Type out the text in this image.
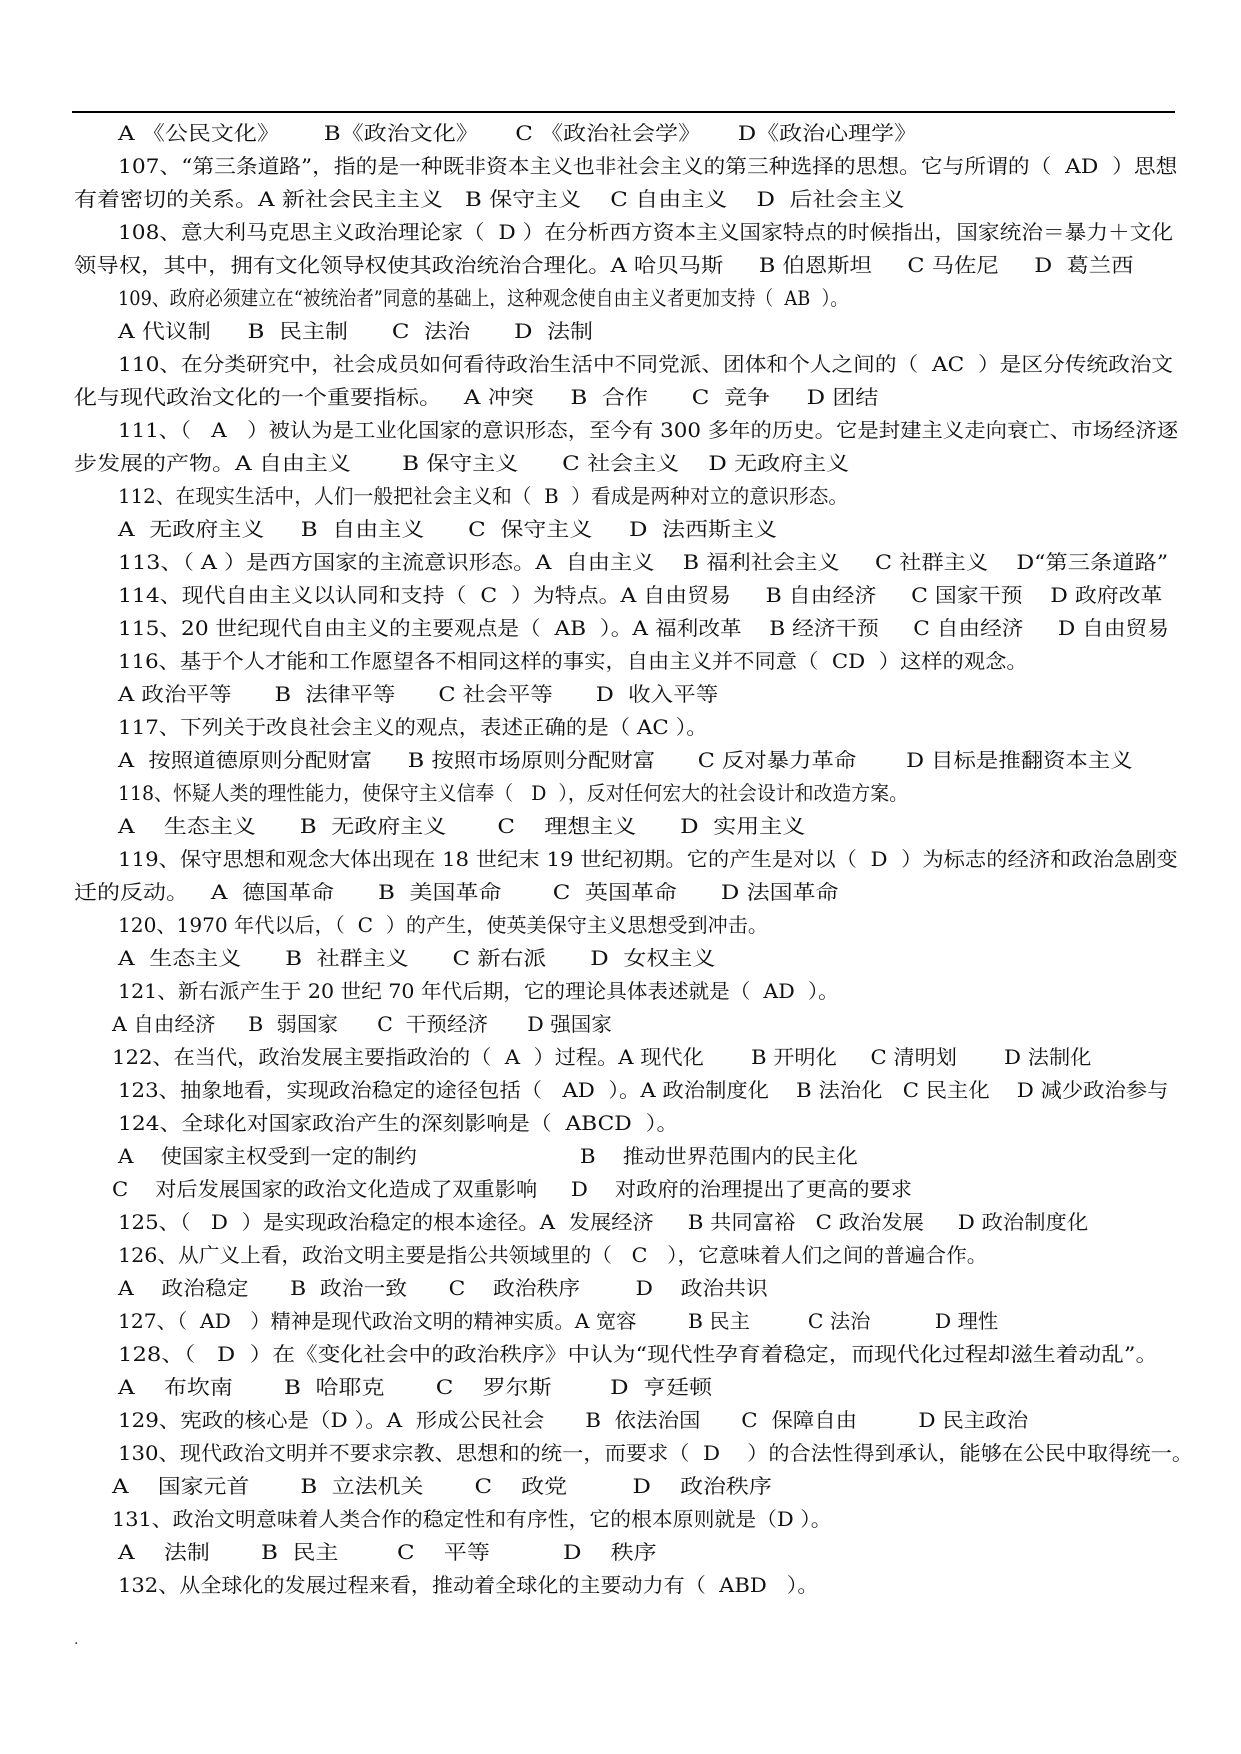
A 《公民文化》      B《政治文化》     C 《政治社会学》     D《政治心理学》
107、“第三条道路”，指的是一种既非资本主义也非社会主义的第三种选择的思想。它与所谓的（  AD  ）思想
有着密切的关系。A 新社会民主主义   B 保守主义    C 自由主义    D  后社会主义
108、意大利马克思主义政治理论家（  D ）在分析西方资本主义国家特点的时候指出，国家统治＝暴力＋文化
领导权，其中，拥有文化领导权使其政治统治合理化。A 哈贝马斯     B 伯恩斯坦     C 马佐尼     D  葛兰西
109、政府必须建立在“被统治者”同意的基础上，这种观念使自由主义者更加支持（  AB  ）。
A 代议制     B  民主制      C  法治      D  法制
110、在分类研究中，社会成员如何看待政治生活中不同党派、团体和个人之间的（  AC  ）是区分传统政治文
化与现代政治文化的一个重要指标。   A 冲突     B  合作      C  竞争     D 团结
111、（   A   ）被认为是工业化国家的意识形态，至今有 300 多年的历史。它是封建主义走向衰亡、市场经济逐
步发展的产物。A 自由主义       B 保守主义      C 社会主义    D 无政府主义
112、在现实生活中，人们一般把社会主义和（  B  ）看成是两种对立的意识形态。
A  无政府主义     B  自由主义      C  保守主义     D  法西斯主义
113、（ A ）是西方国家的主流意识形态。A  自由主义    B 福利社会主义     C 社群主义    D“第三条道路”
114、现代自由主义以认同和支持（  C  ）为特点。A 自由贸易     B 自由经济     C 国家干预    D 政府改革
115、20 世纪现代自由主义的主要观点是（  AB  ）。A 福利改革    B 经济干预     C 自由经济     D 自由贸易
116、基于个人才能和工作愿望各不相同这样的事实，自由主义并不同意（  CD  ）这样的观念。
A 政治平等      B  法律平等      C 社会平等      D  收入平等
117、下列关于改良社会主义的观点，表述正确的是（ AC ）。
A  按照道德原则分配财富     B 按照市场原则分配财富      C 反对暴力革命       D 目标是推翻资本主义
118、怀疑人类的理性能力，使保守主义信奉（   D  ），反对任何宏大的社会设计和改造方案。
A    生态主义      B  无政府主义       C    理想主义      D  实用主义
119、保守思想和观念大体出现在 18 世纪末 19 世纪初期。它的产生是对以（  D  ）为标志的经济和政治急剧变
迁的反动。   A  德国革命      B  美国革命       C  英国革命      D 法国革命
120、1970 年代以后，（  C  ）的产生，使英美保守主义思想受到冲击。
A  生态主义      B  社群主义      C 新右派      D  女权主义
121、新右派产生于 20 世纪 70 年代后期，它的理论具体表述就是（  AD  ）。
A 自由经济     B  弱国家      C  干预经济      D 强国家
122、在当代，政治发展主要指政治的（  A  ）过程。A 现代化       B 开明化     C 清明划       D 法制化
123、抽象地看，实现政治稳定的途径包括（   AD  ）。A 政治制度化    B 法治化   C 民主化    D 减少政治参与
124、全球化对国家政治产生的深刻影响是（  ABCD  ）。
A    使国家主权受到一定的制约                        B    推动世界范围内的民主化
C    对后发展国家的政治文化造成了双重影响     D    对政府的治理提出了更高的要求
125、（   D  ）是实现政治稳定的根本途径。A  发展经济     B 共同富裕   C 政治发展     D 政治制度化
126、从广义上看，政治文明主要是指公共领域里的（   C   ），它意味着人们之间的普遍合作。
A    政治稳定      B  政治一致      C    政治秩序        D    政治共识
127、（  AD   ）精神是现代政治文明的精神实质。A 宽容        B 民主         C 法治          D 理性
128、（   D  ）在《变化社会中的政治秩序》中认为“现代性孕育着稳定，而现代化过程却滋生着动乱”。
A    布坎南       B  哈耶克       C    罗尔斯        D  亨廷顿
129、宪政的核心是（D ）。A  形成公民社会      B  依法治国      C  保障自由         D 民主政治
130、现代政治文明并不要求宗教、思想和的统一，而要求（  D    ）的合法性得到承认，能够在公民中取得统一。
A    国家元首       B  立法机关       C    政党         D    政治秩序
131、政治文明意味着人类合作的稳定性和有序性，它的根本原则就是（D ）。
A    法制       B  民主        C    平等          D    秩序
132、从全球化的发展过程来看，推动着全球化的主要动力有（  ABD   ）。
.
